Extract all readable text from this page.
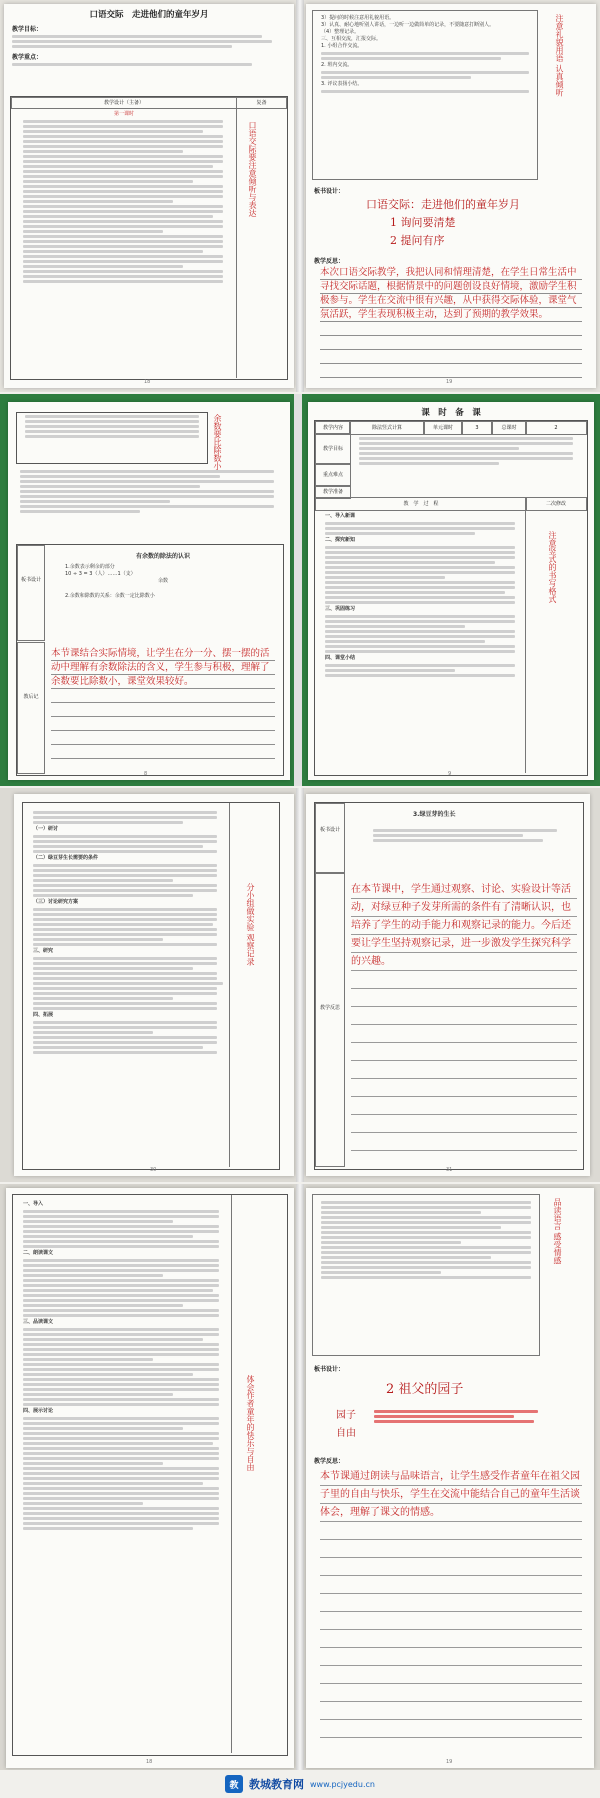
口语交际　走进他们的童年岁月
教学目标：
教学重点：
教学设计（主备）	复备
第一课时
口语交际要注意倾听与表达
18
3）提问的时候注意用礼貌用语。
3）认真、耐心地听别人讲话，一边听一边做简单的记录，不要随意打断别人。
（4）整理记录。
三、互相交流，汇报交际。
1. 小组合作交流。
2. 班内交流。
3. 评议表扬小结。	注意礼貌用语 认真倾听
板书设计：
口语交际：走进他们的童年岁月
1 询问要清楚
2 提问有序
教学反思：
本次口语交际教学，我把认同和情理清楚，在学生日常生活中寻找交际话题，根据情景中的问题创设良好情境，激励学生积极参与。学生在交流中很有兴趣，从中获得交际体验，课堂气氛活跃，学生表现积极主动，达到了预期的教学效果。
19
板书设计
教后记
有余数的除法的认识
1.余数表示剩余的部分
10 ÷ 3 = 3（人）……1（支）
余数
2.余数和除数的关系：余数一定比除数小
本节课结合实际情境，让学生在分一分、摆一摆的活动中理解有余数除法的含义，学生参与积极，理解了余数要比除数小，课堂效果较好。
余数要比除数小
8
课　时　备　课
教学内容	除法竖式计算	单元课时	3	总课时	2
教学目标
重点难点
教学准备
教　学　过　程	二次修改
一、导入新课
二、探究新知
三、巩固练习
四、课堂小结
注意竖式的书写格式
9
（一）研讨
（二）绿豆芽生长需要的条件
（三）讨论研究方案
三、研究
四、拓展
分小组做实验 观察记录
30
板书设计
教学反思
3.绿豆芽的生长
在本节课中，学生通过观察、讨论、实验设计等活动，对绿豆种子发芽所需的条件有了清晰认识，也培养了学生的动手能力和观察记录的能力。今后还要让学生坚持观察记录，进一步激发学生探究科学的兴趣。
31
一、导入
二、朗读课文
三、品读课文
四、展示讨论	体会作者童年的快乐与自由
18
品读语言 感受情感
板书设计：
2 祖父的园子
园子
自由
教学反思：
本节课通过朗读与品味语言，让学生感受作者童年在祖父园子里的自由与快乐，学生在交流中能结合自己的童年生活谈体会，理解了课文的情感。
19
教 教城教育网 www.pcjyedu.cn
